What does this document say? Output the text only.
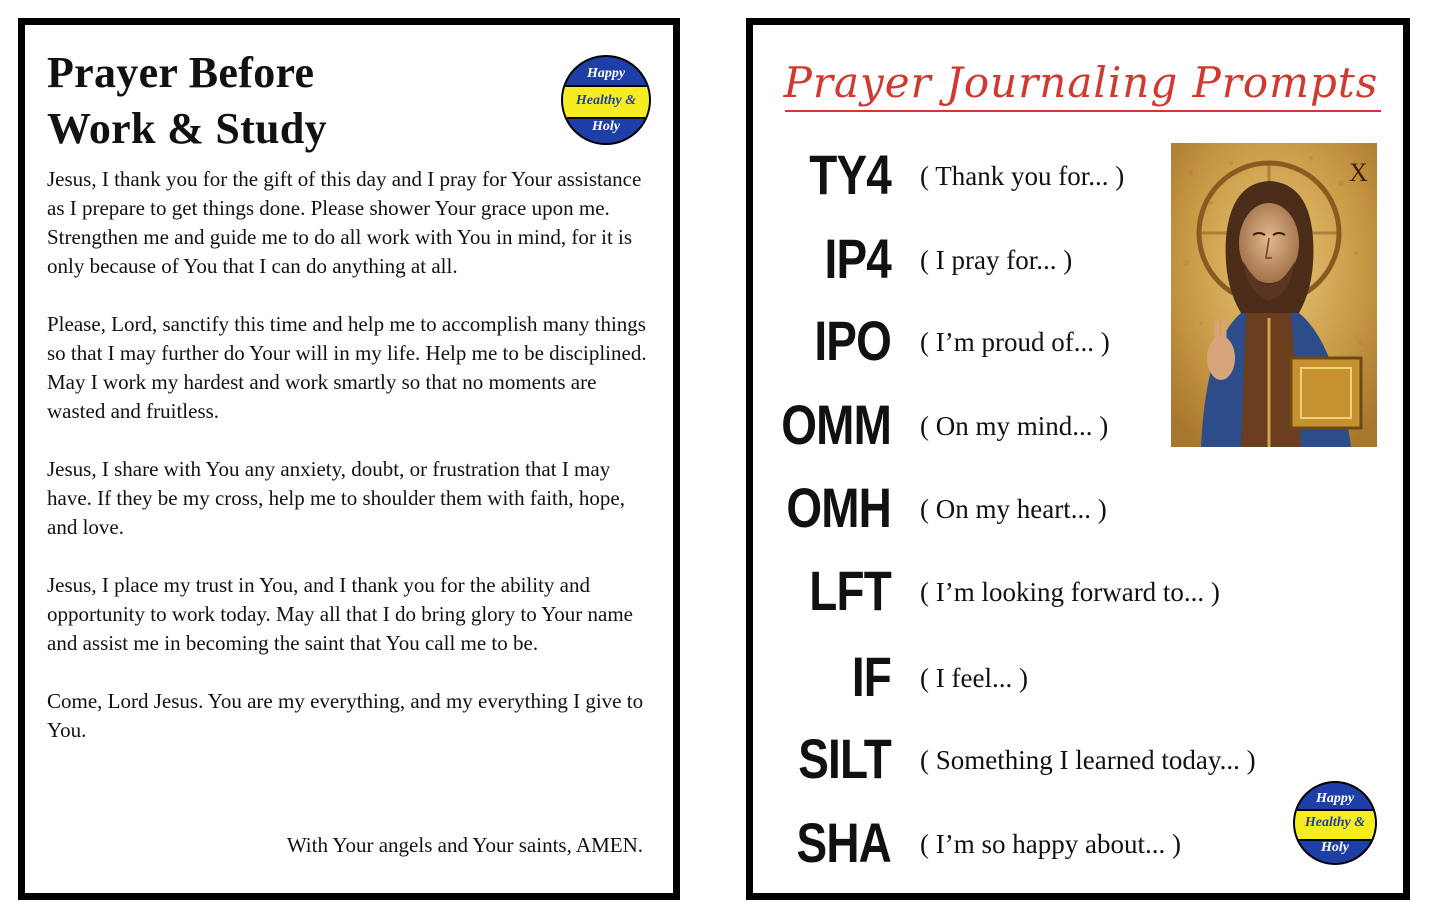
Prayer Before
Work & Study
Happy
Healthy &
Holy

Jesus, I thank you for the gift of this day and I pray for Your assistance as I prepare to get things done. Please shower Your grace upon me. Strengthen me and guide me to do all work with You in mind, for it is only because of You that I can do anything at all.

Please, Lord, sanctify this time and help me to accomplish many things so that I may further do Your will in my life. Help me to be disciplined. May I work my hardest and work smartly so that no moments are wasted and fruitless.

Jesus, I share with You any anxiety, doubt, or frustration that I may have. If they be my cross, help me to shoulder them with faith, hope, and love.

Jesus, I place my trust in You, and I thank you for the ability and opportunity to work today. May all that I do bring glory to Your name and assist me in becoming the saint that You call me to be.

Come, Lord Jesus. You are my everything, and my everything I give to You.

With Your angels and Your saints, AMEN.
Prayer Journaling Prompts
TY4 ( Thank you for... )
IP4 ( I pray for... )
IPO ( I’m proud of... )
OMM ( On my mind... )
OMH ( On my heart... )
LFT ( I’m looking forward to... )
IF ( I feel... )
SILT ( Something I learned today... )
SHA ( I’m so happy about... )
X
Happy
Healthy &
Holy
